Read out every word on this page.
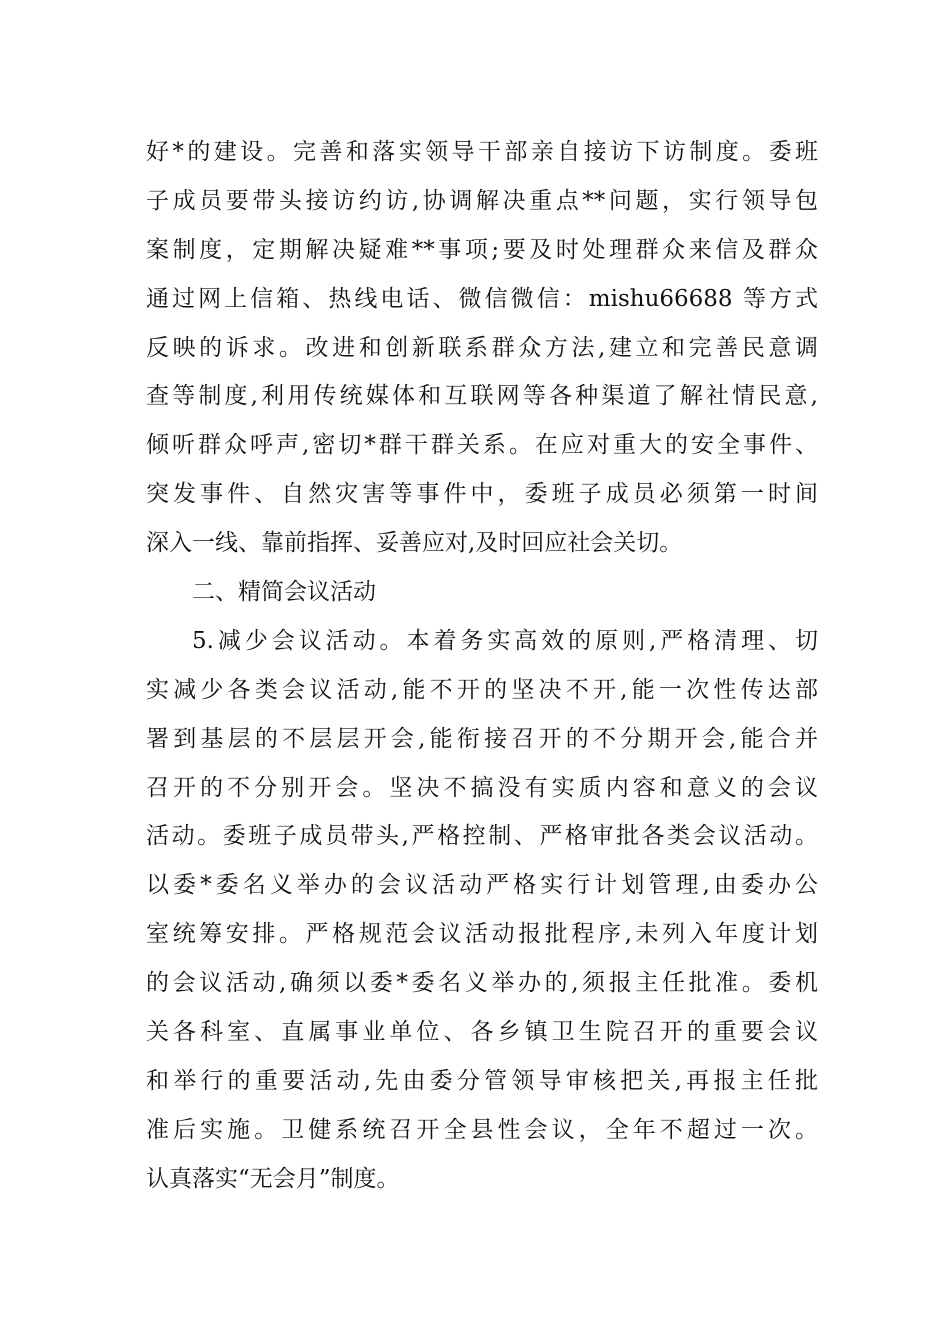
好*的建设。完善和落实领导干部亲自接访下访制度。委班
子成员要带头接访约访,协调解决重点**问题，实行领导包
案制度，定期解决疑难**事项;要及时处理群众来信及群众
通过网上信箱、热线电话、微信微信：mishu66688 等方式
反映的诉求。改进和创新联系群众方法,建立和完善民意调
查等制度,利用传统媒体和互联网等各种渠道了解社情民意,
倾听群众呼声,密切*群干群关系。在应对重大的安全事件、
突发事件、自然灾害等事件中，委班子成员必须第一时间
深入一线、靠前指挥、妥善应对,及时回应社会关切。
二、精简会议活动
5.减少会议活动。本着务实高效的原则,严格清理、切
实减少各类会议活动,能不开的坚决不开,能一次性传达部
署到基层的不层层开会,能衔接召开的不分期开会,能合并
召开的不分别开会。坚决不搞没有实质内容和意义的会议
活动。委班子成员带头,严格控制、严格审批各类会议活动。
以委*委名义举办的会议活动严格实行计划管理,由委办公
室统筹安排。严格规范会议活动报批程序,未列入年度计划
的会议活动,确须以委*委名义举办的,须报主任批准。委机
关各科室、直属事业单位、各乡镇卫生院召开的重要会议
和举行的重要活动,先由委分管领导审核把关,再报主任批
准后实施。卫健系统召开全县性会议，全年不超过一次。
认真落实“无会月”制度。
